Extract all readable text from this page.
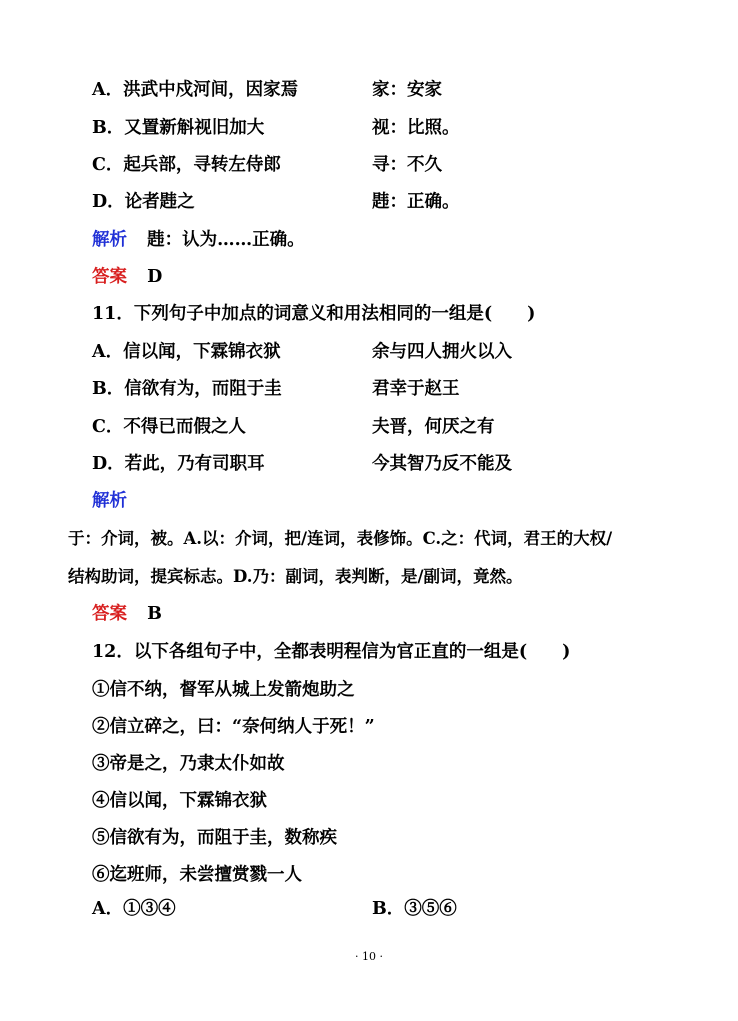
A．洪武中戍河间，因家焉	家：安家
B．又置新斛视旧加大	视：比照。
C．起兵部，寻转左侍郎	寻：不久
D．论者韪之	韪：正确。
解析 韪：认为……正确。
答案 D
11．下列句子中加点的词意义和用法相同的一组是(　　)
A．信以闻，下霖锦衣狱	余与四人拥火以入
B．信欲有为，而阻于圭	君幸于赵王
C．不得已而假之人	夫晋，何厌之有
D．若此，乃有司职耳	今其智乃反不能及
解析
于：介词，被。A.以：介词，把/连词，表修饰。C.之：代词，君王的大权/
结构助词，提宾标志。D.乃：副词，表判断，是/副词，竟然。
答案 B
12．以下各组句子中，全都表明程信为官正直的一组是(　　)
①信不纳，督军从城上发箭炮助之
②信立碎之，曰：“奈何纳人于死！”
③帝是之，乃隶太仆如故
④信以闻，下霖锦衣狱
⑤信欲有为，而阻于圭，数称疾
⑥迄班师，未尝擅赏戮一人
A．①③④	B．③⑤⑥
· 10 ·
